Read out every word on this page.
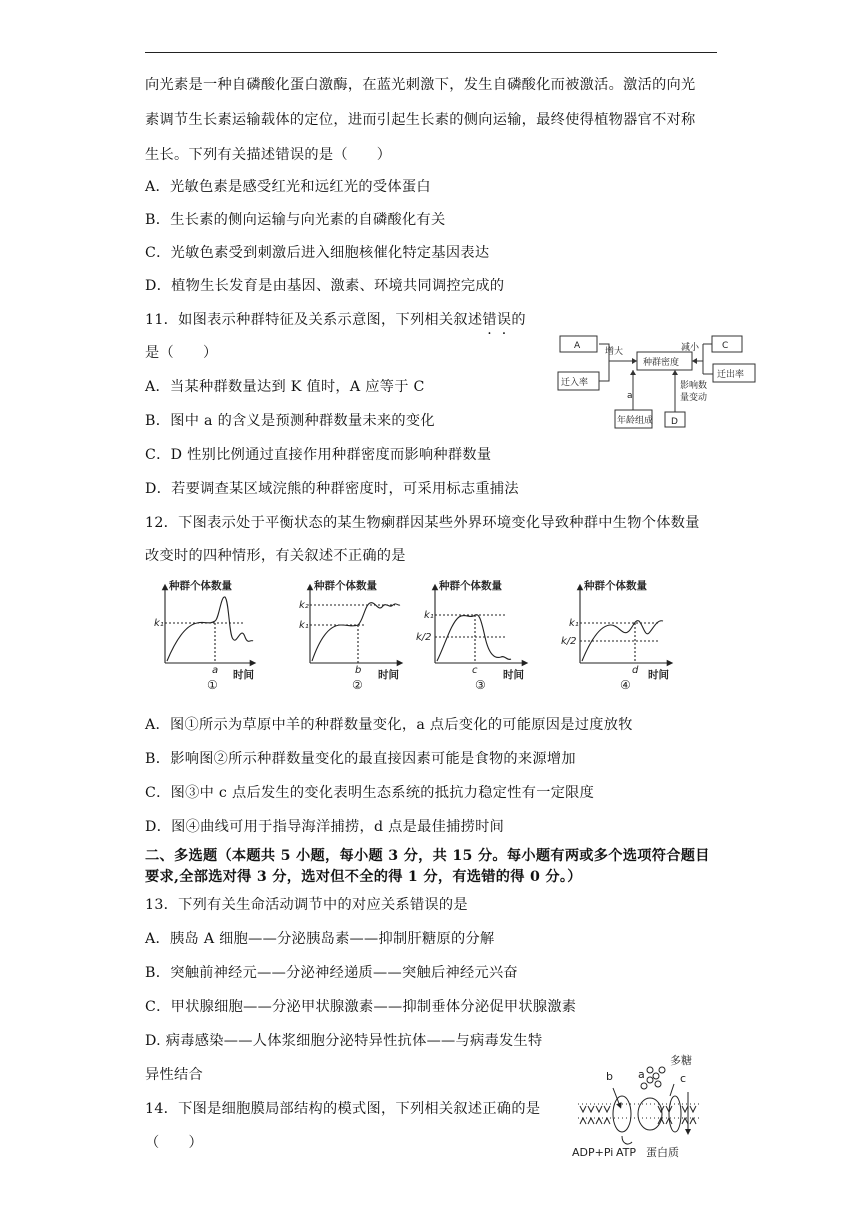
向光素是一种自磷酸化蛋白激酶，在蓝光刺激下，发生自磷酸化而被激活。激活的向光
素调节生长素运输载体的定位，进而引起生长素的侧向运输，最终使得植物器官不对称
生长。下列有关描述错误的是（　　）
A．光敏色素是感受红光和远红光的受体蛋白
B．生长素的侧向运输与向光素的自磷酸化有关
C．光敏色素受到刺激后进入细胞核催化特定基因表达
D．植物生长发育是由基因、激素、环境共同调控完成的
11．如图表示种群特征及关系示意图，下列相关叙述错误的
是（　　）
A．当某种群数量达到 K 值时，A 应等于 C
B．图中 a 的含义是预测种群数量未来的变化
C．D 性别比例通过直接作用种群密度而影响种群数量
D．若要调查某区域浣熊的种群密度时，可采用标志重捕法
A	C
D
迁入率
迁出率
种群密度
年龄组成
增大	减小
a
影响数
量变动
12．下图表示处于平衡状态的某生物瘌群因某些外界环境变化导致种群中生物个体数量
改变时的四种情形，有关叙述不正确的是
种群个体数量	种群个体数量	种群个体数量	种群个体数量
时间	时间	时间	时间
k₁
k₂
k₁
k₁
k/2
k₁
k/2
a	b	c	d
①	②	③	④
A．图①所示为草原中羊的种群数量变化，a 点后变化的可能原因是过度放牧
B．影响图②所示种群数量变化的最直接因素可能是食物的来源增加
C．图③中 c 点后发生的变化表明生态系统的抵抗力稳定性有一定限度
D．图④曲线可用于指导海洋捕捞，d 点是最佳捕捞时间
二、多选题（本题共 5 小题，每小题 3 分，共 15 分。每小题有两或多个选项符合题目
要求,全部选对得 3 分，选对但不全的得 1 分，有选错的得 0 分。）
13．下列有关生命活动调节中的对应关系错误的是
A．胰岛 A 细胞——分泌胰岛素——抑制肝糖原的分解
B．突触前神经元——分泌神经递质——突触后神经元兴奋
C．甲状腺细胞——分泌甲状腺激素——抑制垂体分泌促甲状腺激素
D. 病毒感染——人体浆细胞分泌特异性抗体——与病毒发生特
异性结合
14．下图是细胞膜局部结构的模式图，下列相关叙述正确的是
（　　）
多糖
a
b	c
ADP+Pi ATP 蛋白质
